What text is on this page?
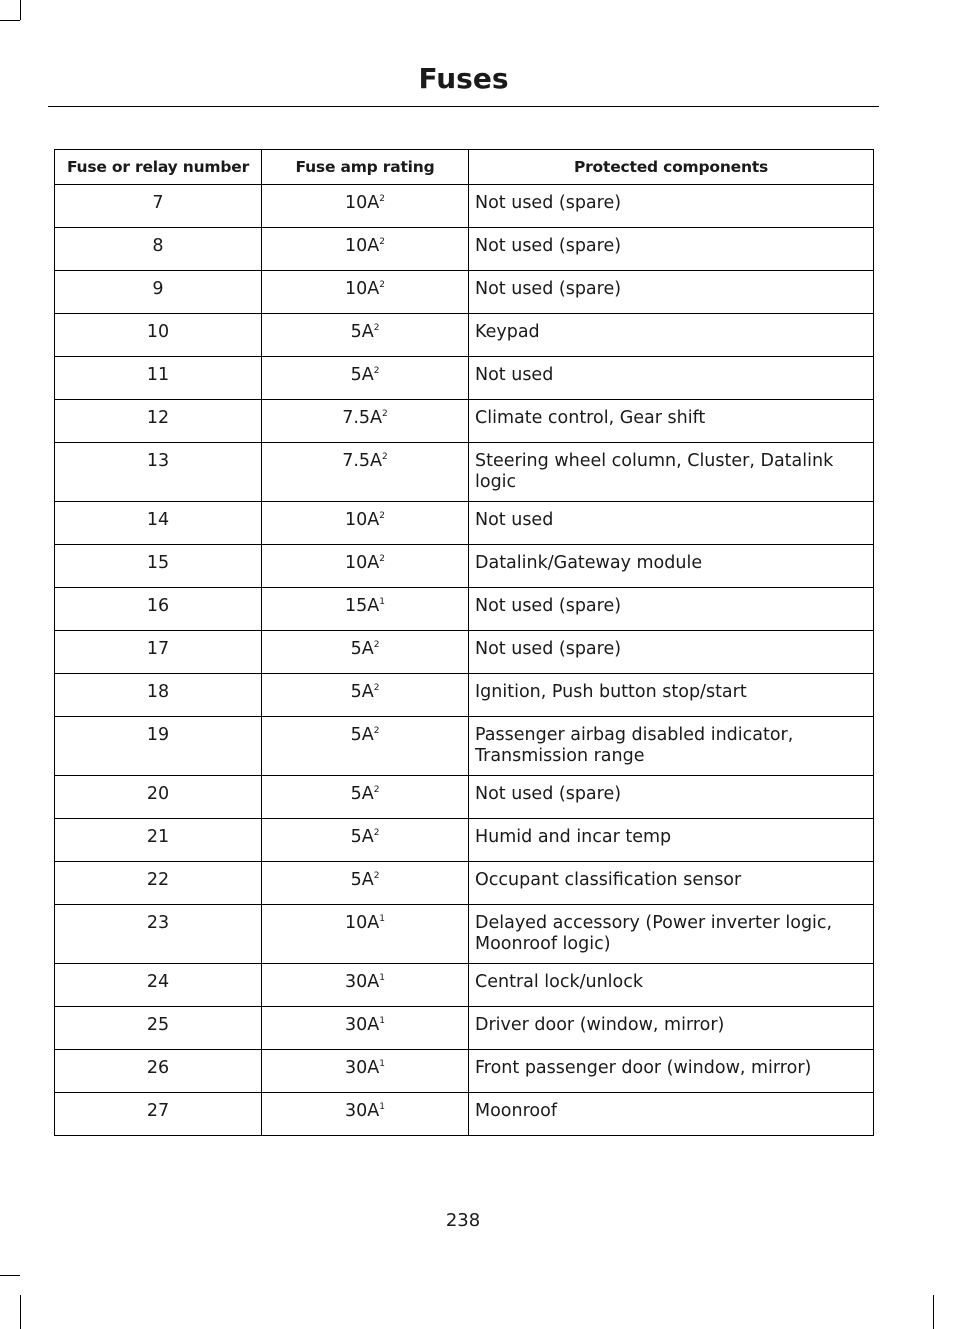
Fuses
Fuse or relay number	Fuse amp rating	Protected components
7	$10A^2$	Not used (spare)
8	$10A^2$	Not used (spare)
9	$10A^2$	Not used (spare)
10	$5A^2$	Keypad
11	$5A^2$	Not used
12	$7.5A^2$	Climate control, Gear shift
13	$7.5A^2$	Steering wheel column, Cluster, Datalink logic
14	$10A^2$	Not used
15	$10A^2$	Datalink/Gateway module
16	$15A^1$	Not used (spare)
17	$5A^2$	Not used (spare)
18	$5A^2$	Ignition, Push button stop/start
19	$5A^2$	Passenger airbag disabled indicator, Transmission range
20	$5A^2$	Not used (spare)
21	$5A^2$	Humid and incar temp
22	$5A^2$	Occupant classification sensor
23	$10A^1$	Delayed accessory (Power inverter logic, Moonroof logic)
24	$30A^1$	Central lock/unlock
25	$30A^1$	Driver door (window, mirror)
26	$30A^1$	Front passenger door (window, mirror)
27	$30A^1$	Moonroof
238
